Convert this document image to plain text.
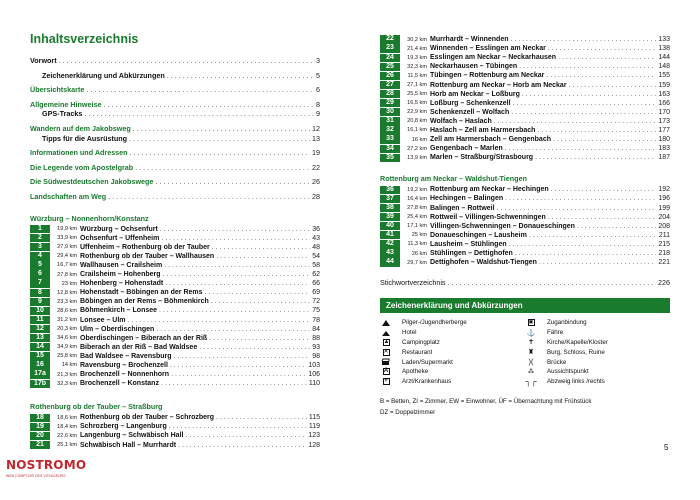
Inhaltsverzeichnis
Vorwort . . .	3
Zeichenerklärung und Abkürzungen . . .	5
Übersichtskarte . . .	6
Allgemeine Hinweise . . .	8
GPS-Tracks . . .	9
Wandern auf dem Jakobsweg . . .	12
Tipps für die Ausrüstung . . .	13
Informationen und Adressen . . .	19
Die Legende vom Apostelgrab . . .	22
Die Südwestdeutschen Jakobswege . . .	26
Landschaften am Weg . . .	28
Würzburg – Nonnenhorn/Konstanz
1	19,9 km Würzburg – Ochsenfurt . . .	36
2	33,9 km Ochsenfurt – Uffenheim . . .	43
3	27,9 km Uffenheim – Rothenburg ob der Tauber . . .	48
4	29,4 km Rothenburg ob der Tauber – Wallhausen . . .	54
5	16,7 km Wallhausen – Crailsheim . . .	58
6	27,8 km Crailsheim – Hohenberg . . .	62
7	23 km Hohenberg – Hohenstadt . . .	66
8	12,8 km Hohenstadt – Böbingen an der Rems . . .	69
9	23,3 km Böbingen an der Rems – Böhmenkirch . . .	72
10	28,6 km Böhmenkirch – Lonsee . . .	75
11	31,2 km Lonsee – Ulm . . .	78
12	20,3 km Ulm – Oberdischingen . . .	84
13	34,6 km Oberdischingen – Biberach an der Riß . . .	88
14	34,9 km Biberach an der Riß – Bad Waldsee . . .	93
15	25,8 km Bad Waldsee – Ravensburg . . .	98
16	14 km Ravensburg – Brochenzell . . .	103
17a	21,3 km Brochenzell – Nonnenhorn . . .	106
17b	32,3 km Brochenzell – Konstanz . . .	110
Rothenburg ob der Tauber – Straßburg
18	18,6 km Rothenburg ob der Tauber – Schrozberg . . .	115
19	18,4 km Schrozberg – Langenburg . . .	119
20	22,6 km Langenburg – Schwäbisch Hall . . .	123
21	25,1 km Schwäbisch Hall – Murrhardt . . .	128
22	30,2 km Murrhardt – Winnenden . . .	133
23	21,4 km Winnenden – Esslingen am Neckar . . .	138
24	19,3 km Esslingen am Neckar – Neckarhausen . . .	144
25	32,3 km Neckarhausen – Tübingen . . .	148
26	11,5 km Tübingen – Rottenburg am Neckar . . .	155
27	27,1 km Rottenburg am Neckar – Horb am Neckar . . .	159
28	25,5 km Horb am Neckar – Loßburg . . .	163
29	16,5 km Loßburg – Schenkenzell . . .	166
30	22,9 km Schenkenzell – Wolfach . . .	170
31	20,8 km Wolfach – Haslach . . .	173
32	16,1 km Haslach – Zell am Harmersbach . . .	177
33	16 km Zell am Harmersbach – Gengenbach . . .	180
34	27,2 km Gengenbach – Marlen . . .	183
35	13,9 km Marlen – Straßburg/Strasbourg . . .	187
Rottenburg am Neckar – Waldshut-Tiengen
36	19,2 km Rottenburg am Neckar – Hechingen . . .	192
37	16,4 km Hechingen – Balingen . . .	196
38	27,8 km Balingen – Rottweil . . .	199
39	25,4 km Rottweil – Villingen-Schwenningen . . .	204
40	17,1 km Villingen-Schwenningen – Donaueschingen . . .	208
41	25 km Donaueschingen – Lausheim . . .	211
42	11,3 km Lausheim – Stühlingen . . .	215
43	26 km Stühlingen – Dettighofen . . .	218
44	29,7 km Dettighofen – Waldshut-Tiengen . . .	221
Stichwortverzeichnis . . .	226
Zeichenerklärung und Abkürzungen
Pilger-/Jugendherberge	▣ Zuganbindung
Hotel	⚓ Fähre
▲ Campingplatz	✝ Kirche/Kapelle/Kloster
✕ Restaurant	♜ Burg, Schloss, Ruine
Laden/Supermarkt	)( Brücke
A Apotheke	⁂ Aussichtspunkt
+ Arzt/Krankenhaus	┐┌ Abzweig links /rechts
B = Betten, ZI = Zimmer, EW = Einwohner, ÜF = Übernachtung mit Frühstück
DZ = Doppelzimmer
5
NOSTROMO
WEB COMPTOIR DES VOYAGEURS
